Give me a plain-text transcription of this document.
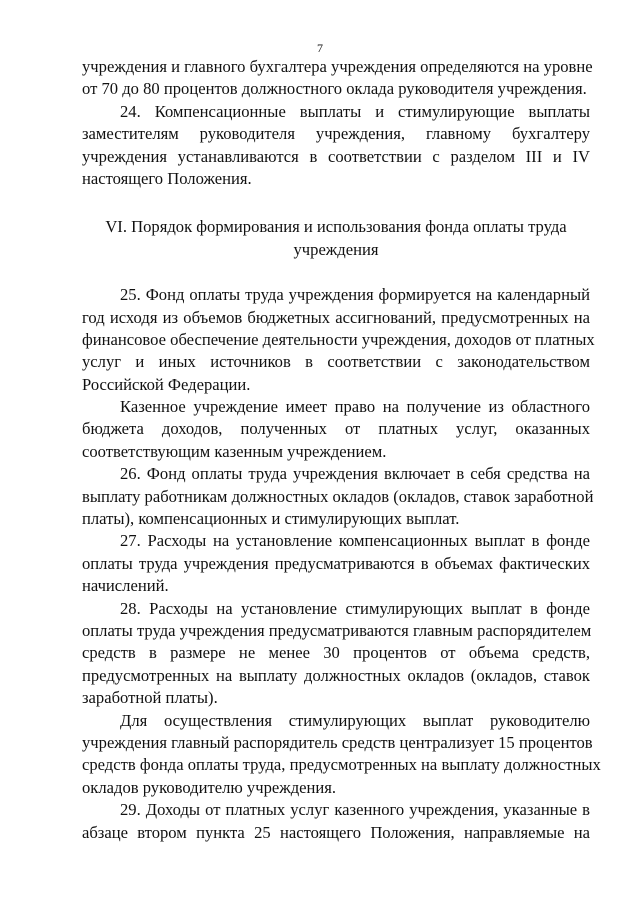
7
учреждения и главного бухгалтера учреждения определяются на уровне
от 70 до 80 процентов должностного оклада руководителя учреждения.
24. Компенсационные выплаты и стимулирующие выплаты
заместителям руководителя учреждения, главному бухгалтеру
учреждения устанавливаются в соответствии с разделом III и IV
настоящего Положения.
VI. Порядок формирования и использования фонда оплаты труда
учреждения
25. Фонд оплаты труда учреждения формируется на календарный
год исходя из объемов бюджетных ассигнований, предусмотренных на
финансовое обеспечение деятельности учреждения, доходов от платных
услуг и иных источников в соответствии с законодательством
Российской Федерации.
Казенное учреждение имеет право на получение из областного
бюджета доходов, полученных от платных услуг, оказанных
соответствующим казенным учреждением.
26. Фонд оплаты труда учреждения включает в себя средства на
выплату работникам должностных окладов (окладов, ставок заработной
платы), компенсационных и стимулирующих выплат.
27. Расходы на установление компенсационных выплат в фонде
оплаты труда учреждения предусматриваются в объемах фактических
начислений.
28. Расходы на установление стимулирующих выплат в фонде
оплаты труда учреждения предусматриваются главным распорядителем
средств в размере не менее 30 процентов от объема средств,
предусмотренных на выплату должностных окладов (окладов, ставок
заработной платы).
Для осуществления стимулирующих выплат руководителю
учреждения главный распорядитель средств централизует 15 процентов
средств фонда оплаты труда, предусмотренных на выплату должностных
окладов руководителю учреждения.
29. Доходы от платных услуг казенного учреждения, указанные в
абзаце втором пункта 25 настоящего Положения, направляемые на
